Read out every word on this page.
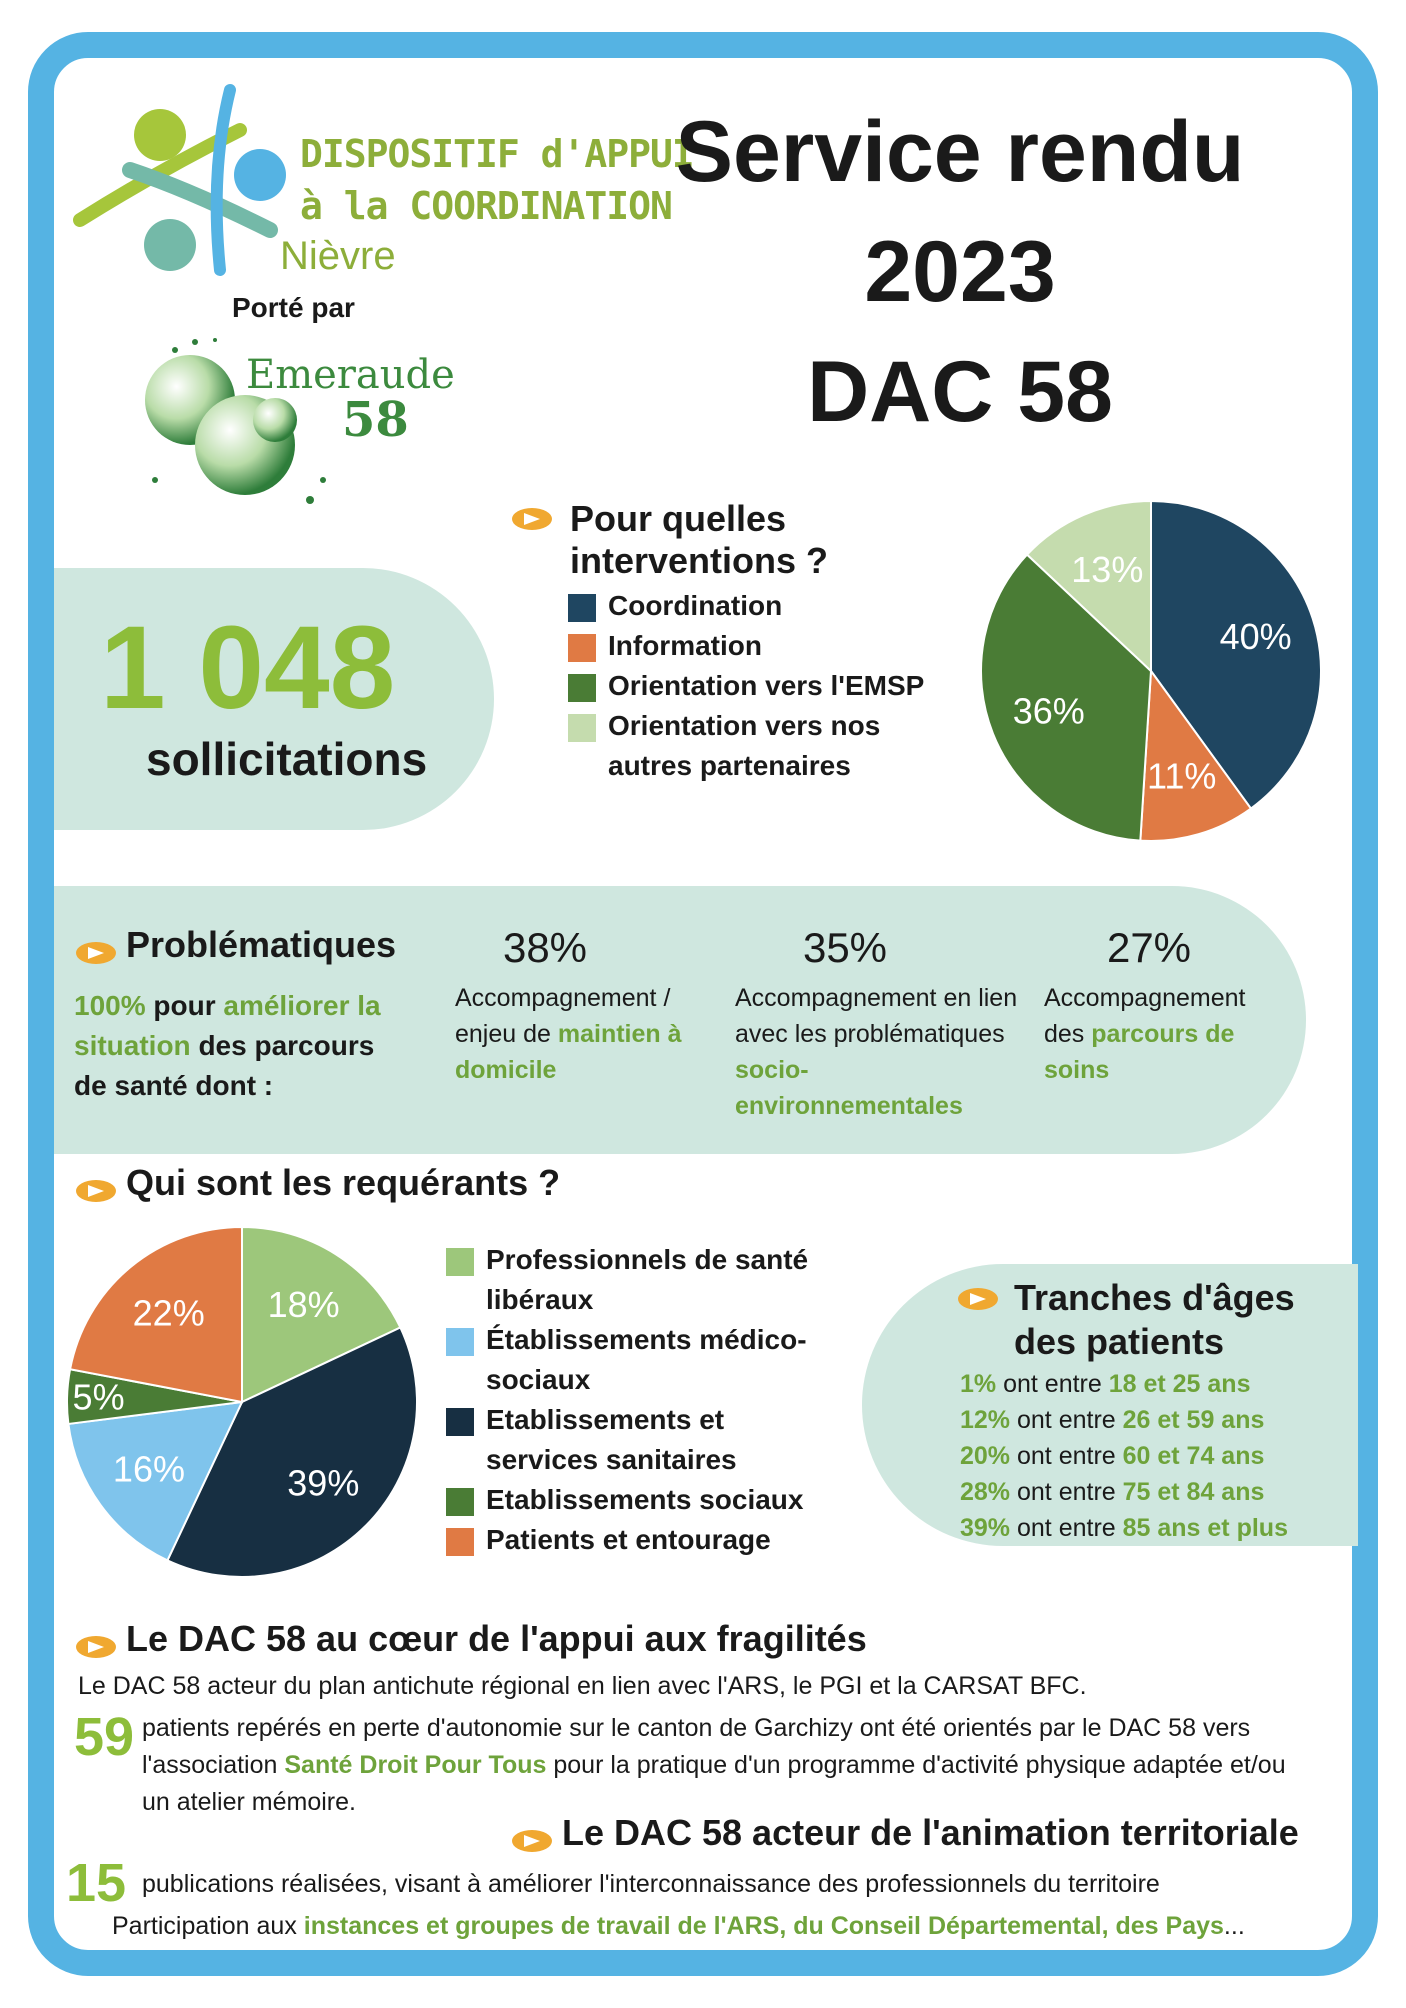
DISPOSITIF d'APPUI
à la COORDINATION
Nièvre
Porté par
Emeraude
58
Service rendu
2023
DAC 58
1 048
sollicitations
Pour quelles
interventions ?
Coordination
Information
Orientation vers l'EMSP
Orientation vers nos
autres partenaires
40%
11%
36%
13%
Problématiques
100% pour améliorer la situation des parcours de santé dont :
38%
Accompagnement / enjeu de maintien à domicile
35%
Accompagnement en lien avec les problématiques socio-environnementales
27%
Accompagnement des parcours de soins
Qui sont les requérants ?
18%
39%
16%
5%
22%
Professionnels de santé
libéraux
Établissements médico-
sociaux
Etablissements et
services sanitaires
Etablissements sociaux
Patients et entourage
Tranches d'âges
des patients
1% ont entre 18 et 25 ans
12% ont entre 26 et 59 ans
20% ont entre 60 et 74 ans
28% ont entre 75 et 84 ans
39% ont entre 85 ans et plus
Le DAC 58 au cœur de l'appui aux fragilités
Le DAC 58 acteur du plan antichute régional en lien avec l'ARS, le PGI et la CARSAT BFC.
59 patients repérés en perte d'autonomie sur le canton de Garchizy ont été orientés par le DAC 58 vers l'association Santé Droit Pour Tous pour la pratique d'un programme d'activité physique adaptée et/ou un atelier mémoire.
Le DAC 58 acteur de l'animation territoriale
15 publications réalisées, visant à améliorer l'interconnaissance des professionnels du territoire
Participation aux instances et groupes de travail de l'ARS, du Conseil Départemental, des Pays...
